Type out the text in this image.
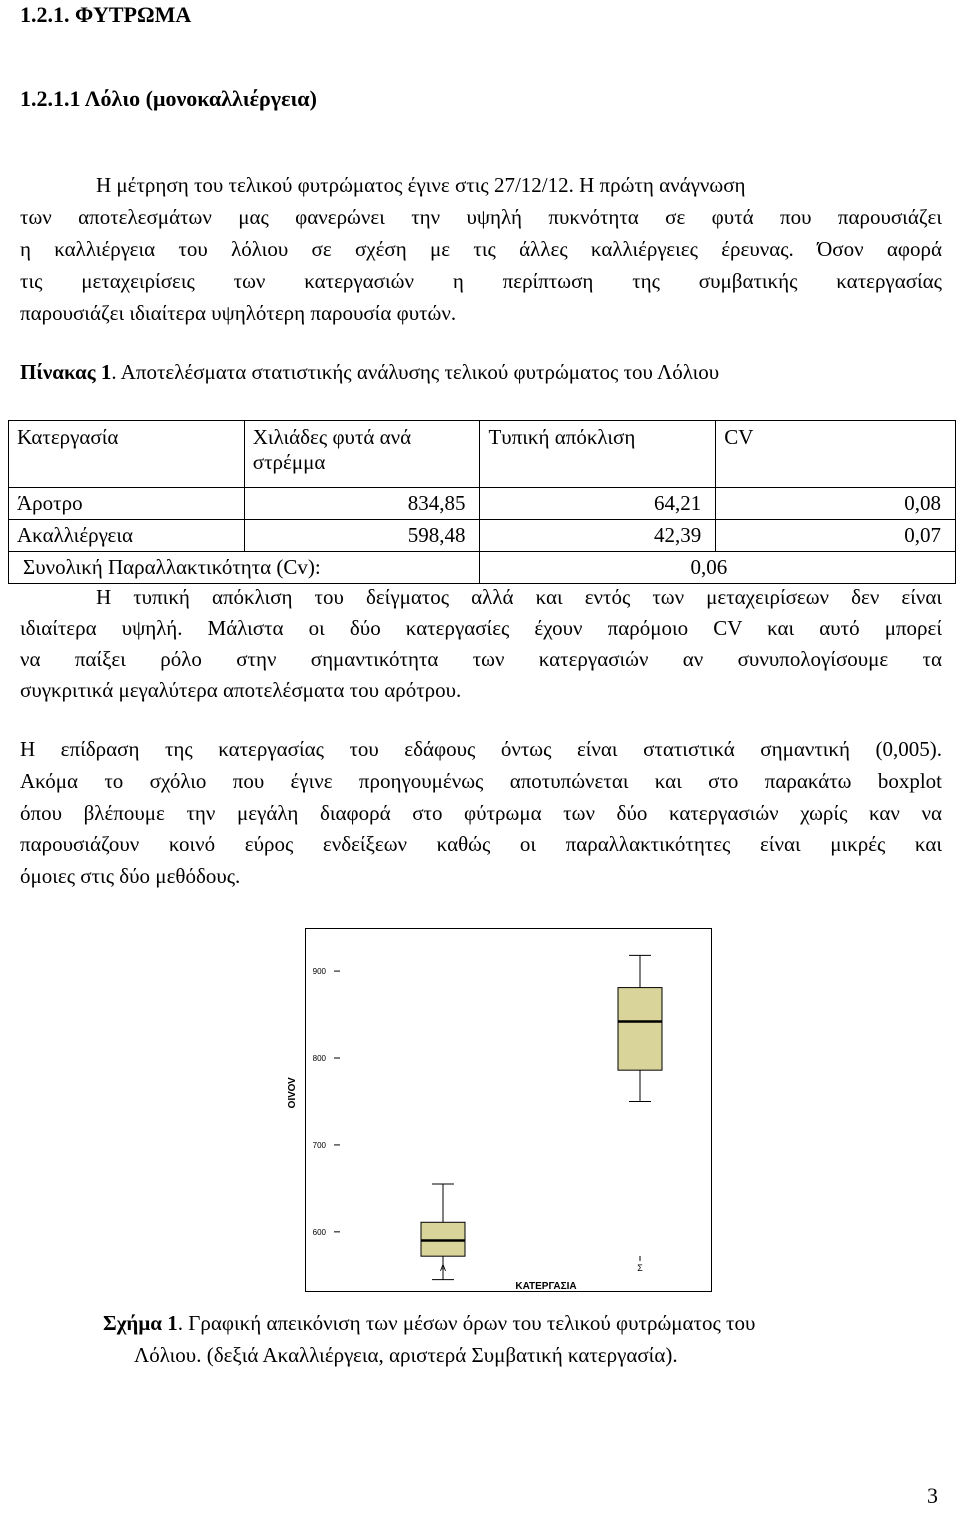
1.2.1. ΦΥΤΡΩΜΑ
1.2.1.1 Λόλιο (μονοκαλλιέργεια)
Η μέτρηση του τελικού φυτρώματος έγινε στις 27/12/12. Η πρώτη ανάγνωση
των αποτελεσμάτων μας φανερώνει την υψηλή πυκνότητα σε φυτά που παρουσιάζει
η καλλιέργεια του λόλιου σε σχέση με τις άλλες καλλιέργειες έρευνας. Όσον αφορά
τις μεταχειρίσεις των κατεργασιών η περίπτωση της συμβατικής κατεργασίας
παρουσιάζει ιδιαίτερα υψηλότερη παρουσία φυτών.
Πίνακας 1. Αποτελέσματα στατιστικής ανάλυσης τελικού φυτρώματος του Λόλιου
Κατεργασία	Χιλιάδες φυτά ανά στρέμμα	Τυπική απόκλιση	CV
Άροτρο	834,85	64,21	0,08
Ακαλλιέργεια	598,48	42,39	0,07
Συνολική Παραλλακτικότητα (Cv):		0,06	
Η τυπική απόκλιση του δείγματος αλλά και εντός των μεταχειρίσεων δεν είναι
ιδιαίτερα υψηλή. Μάλιστα οι δύο κατεργασίες έχουν παρόμοιο CV και αυτό μπορεί
να παίξει ρόλο στην σημαντικότητα των κατεργασιών αν συνυπολογίσουμε τα
συγκριτικά μεγαλύτερα αποτελέσματα του αρότρου.
Η επίδραση της κατεργασίας του εδάφους όντως είναι στατιστικά σημαντική (0,005).
Ακόμα το σχόλιο που έγινε προηγουμένως αποτυπώνεται και στο παρακάτω boxplot
όπου βλέπουμε την μεγάλη διαφορά στο φύτρωμα των δύο κατεργασιών χωρίς καν να
παρουσιάζουν κοινό εύρος ενδείξεων καθώς οι παραλλακτικότητες είναι μικρές και
όμοιες στις δύο μεθόδους.
600
700
800
900
ΛΟΛΙΟ
Α	Σ
ΚΑΤΕΡΓΑΣΙΑ
Σχήμα 1. Γραφική απεικόνιση των μέσων όρων του τελικού φυτρώματος του
Λόλιου. (δεξιά Ακαλλιέργεια, αριστερά Συμβατική κατεργασία).
3
